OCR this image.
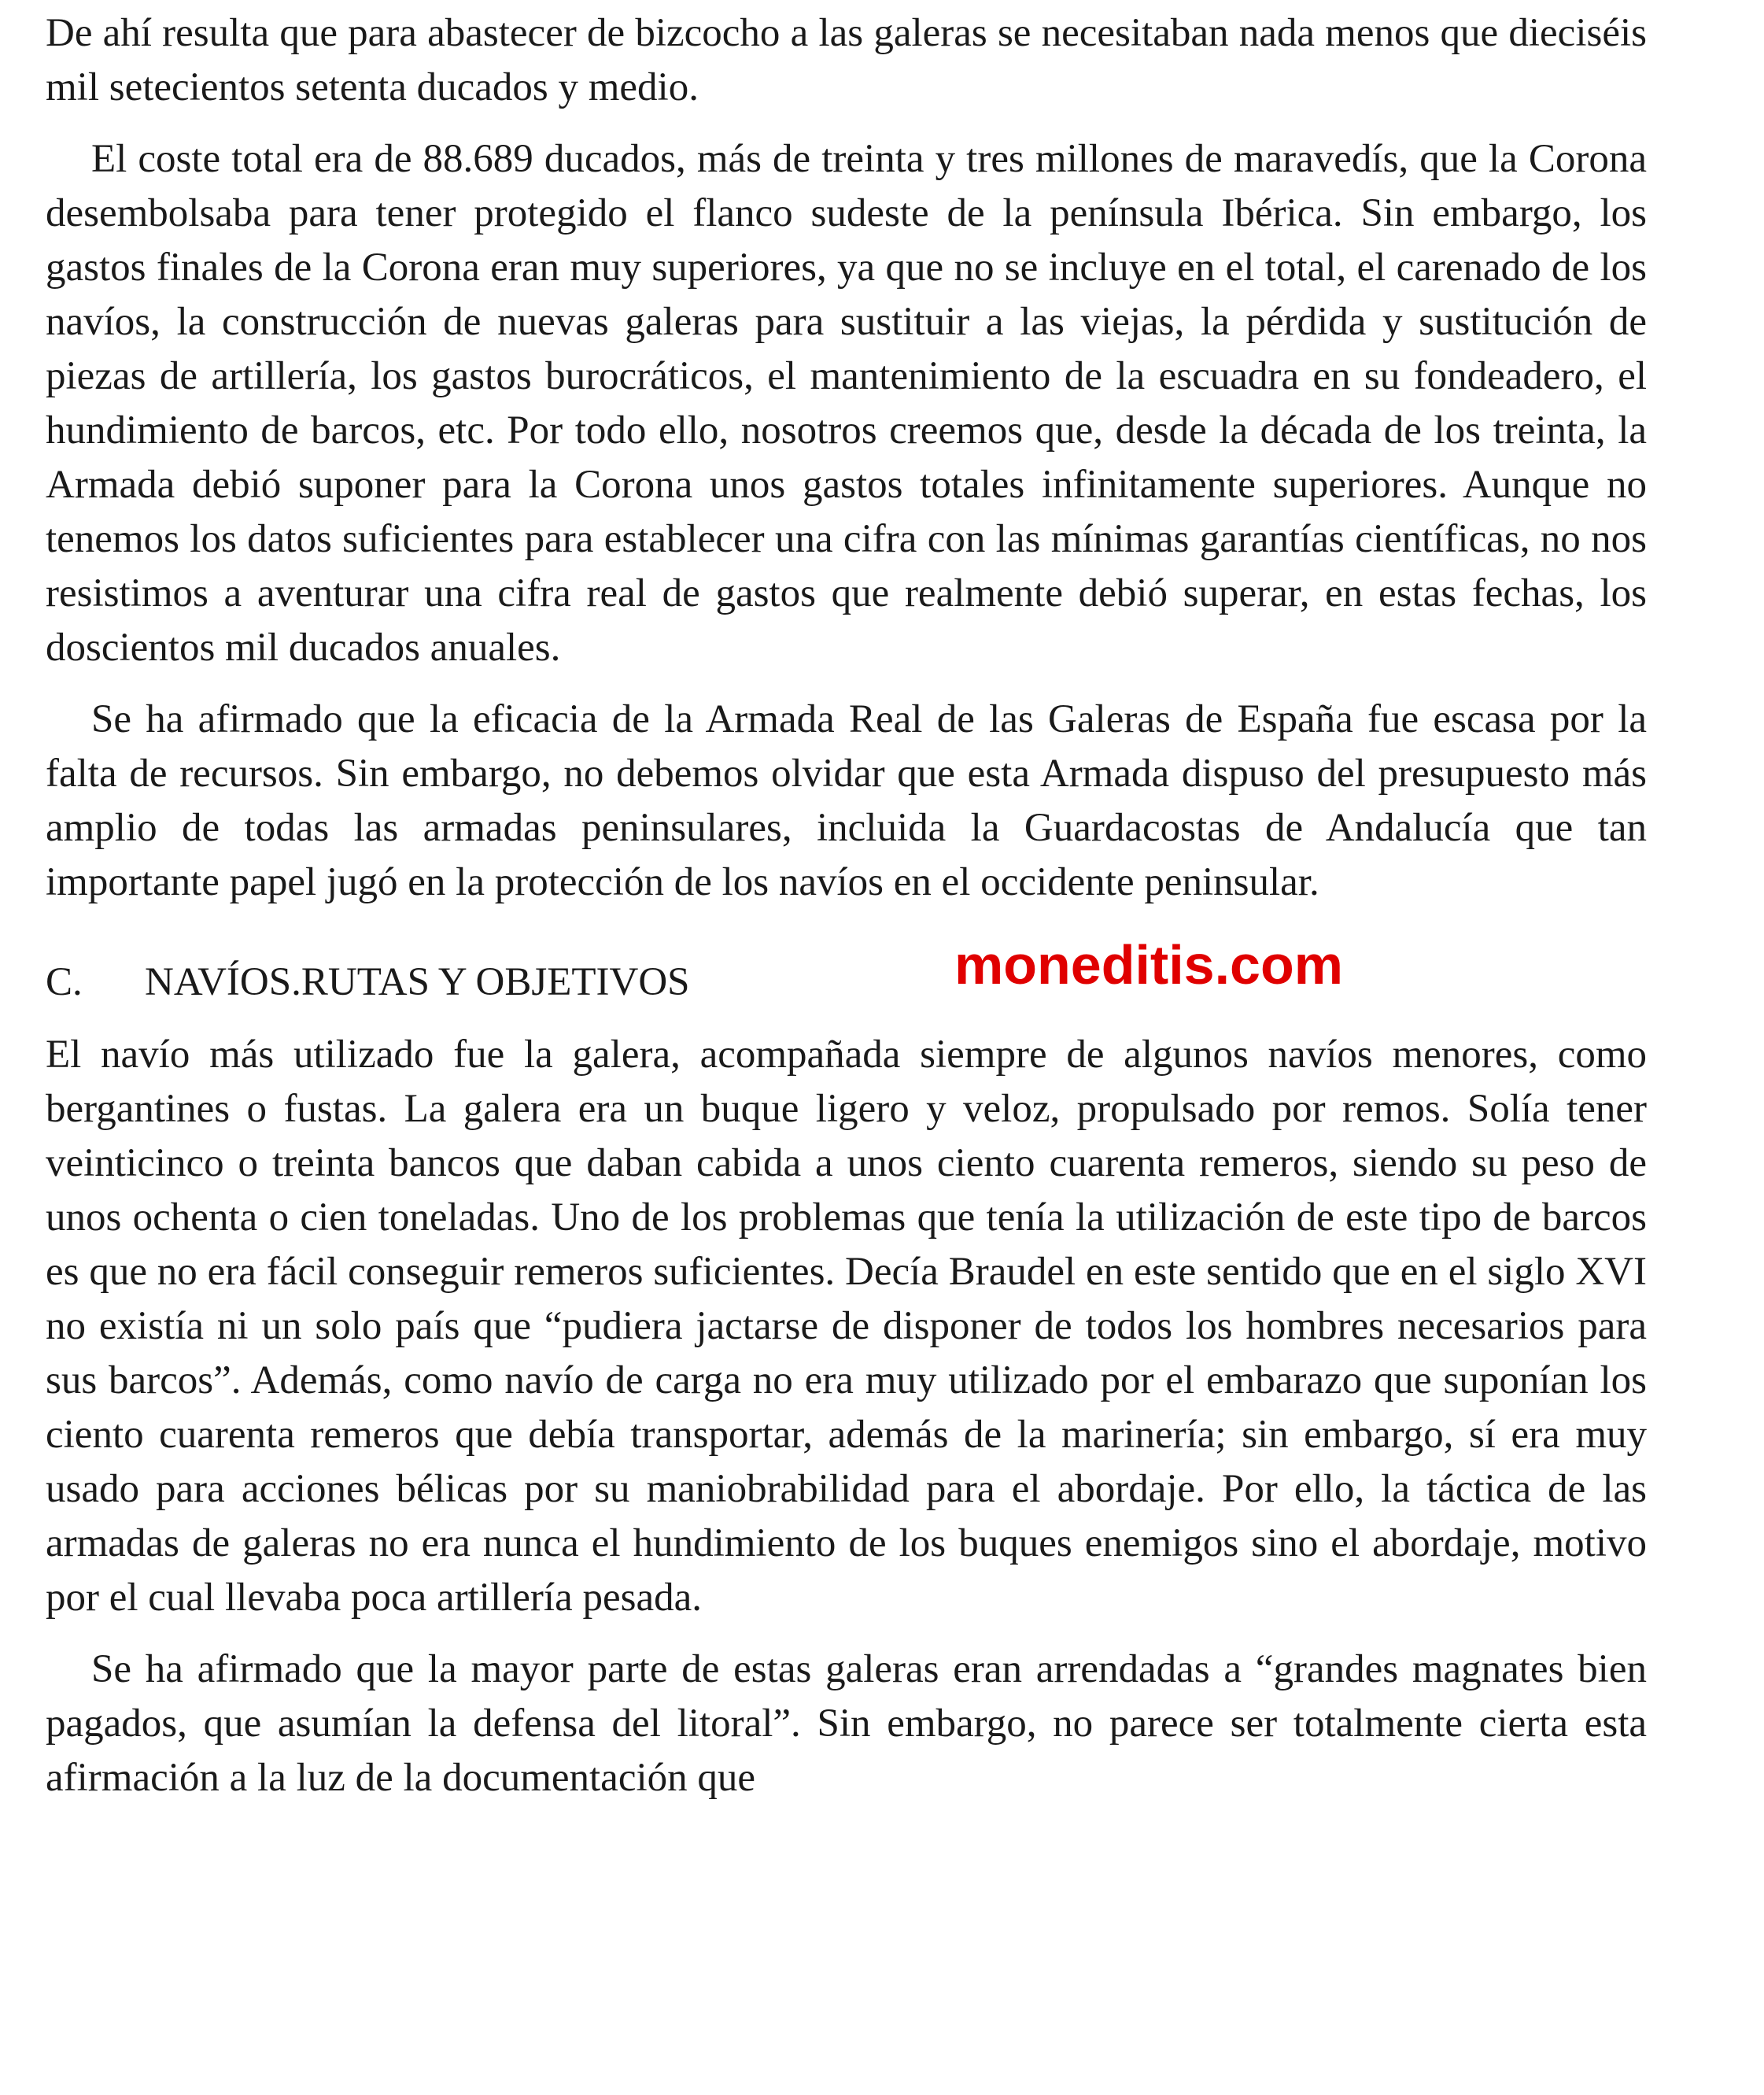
De ahí resulta que para abastecer de bizcocho a las galeras se necesitaban nada menos que dieciséis mil setecientos setenta ducados y medio.

El coste total era de 88.689 ducados, más de treinta y tres millones de maravedís, que la Corona desembolsaba para tener protegido el flanco sudeste de la península Ibérica. Sin embargo, los gastos finales de la Corona eran muy superiores, ya que no se incluye en el total, el carenado de los navíos, la construcción de nuevas galeras para sustituir a las viejas, la pérdida y sustitución de piezas de artillería, los gastos burocráticos, el mantenimiento de la escuadra en su fondeadero, el hundimiento de barcos, etc. Por todo ello, nosotros creemos que, desde la década de los treinta, la Armada debió suponer para la Corona unos gastos totales infinitamente superiores. Aunque no tenemos los datos suficientes para establecer una cifra con las mínimas garantías científicas, no nos resistimos a aventurar una cifra real de gastos que realmente debió superar, en estas fechas, los doscientos mil ducados anuales.

Se ha afirmado que la eficacia de la Armada Real de las Galeras de España fue escasa por la falta de recursos. Sin embargo, no debemos olvidar que esta Armada dispuso del presupuesto más amplio de todas las armadas peninsulares, incluida la Guardacostas de Andalucía que tan importante papel jugó en la protección de los navíos en el occidente peninsular.

C. NAVÍOS.RUTAS Y OBJETIVOS	moneditis.com

El navío más utilizado fue la galera, acompañada siempre de algunos navíos menores, como bergantines o fustas. La galera era un buque ligero y veloz, propulsado por remos. Solía tener veinticinco o treinta bancos que daban cabida a unos ciento cuarenta remeros, siendo su peso de unos ochenta o cien toneladas. Uno de los problemas que tenía la utilización de este tipo de barcos es que no era fácil conseguir remeros suficientes. Decía Braudel en este sentido que en el siglo XVI no existía ni un solo país que “pudiera jactarse de disponer de todos los hombres necesarios para sus barcos”. Además, como navío de carga no era muy utilizado por el embarazo que suponían los ciento cuarenta remeros que debía transportar, además de la marinería; sin embargo, sí era muy usado para acciones bélicas por su maniobrabilidad para el abordaje. Por ello, la táctica de las armadas de galeras no era nunca el hundimiento de los buques enemigos sino el abordaje, motivo por el cual llevaba poca artillería pesada.

Se ha afirmado que la mayor parte de estas galeras eran arrendadas a “grandes magnates bien pagados, que asumían la defensa del litoral”. Sin embargo, no parece ser totalmente cierta esta afirmación a la luz de la documentación que
